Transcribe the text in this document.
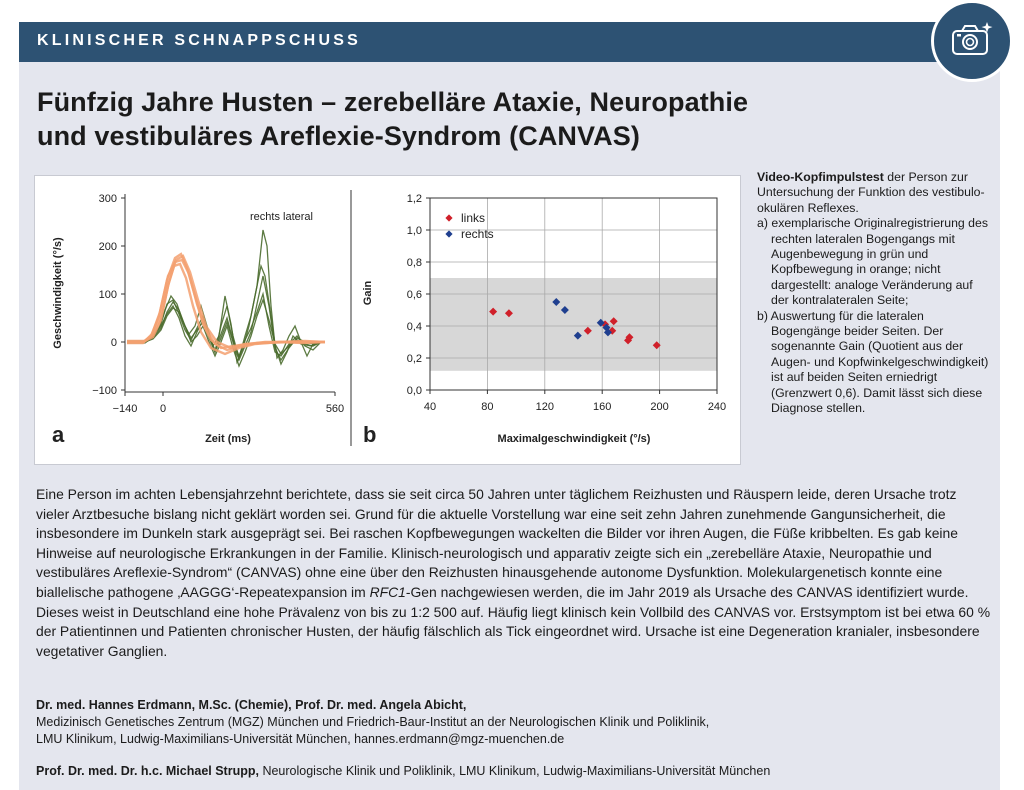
KLINISCHER SCHNAPPSCHUSS
Fünfzig Jahre Husten – zerebelläre Ataxie, Neuropathie
und vestibuläres Areflexie-Syndrom (CANVAS)
300
200
100
0
−100
−140 0	560
rechts lateral
Geschwindigkeit (°/s)
Zeit (ms)
a
0,0
0,2
0,4
0,6
0,8
1,0
1,2
40	80	120	160	200	240
links
rechts
Gain
Maximalgeschwindigkeit (°/s)
b

Video-Kopfimpulstest der Person zur Untersuchung der Funktion des vestibulo-okulären Reflexes.

a) exemplarische Originalregistrierung des rechten lateralen Bogengangs mit Augenbewegung in grün und Kopfbewegung in orange; nicht dargestellt: analoge Veränderung auf der kontralateralen Seite;

b) Auswertung für die lateralen Bogengänge beider Seiten. Der sogenannte Gain (Quotient aus der Augen- und Kopfwinkelgeschwindigkeit) ist auf beiden Seiten erniedrigt (Grenzwert 0,6). Damit lässt sich diese Diagnose stellen.

Eine Person im achten Lebensjahrzehnt berichtete, dass sie seit circa 50 Jahren unter täglichem Reizhusten und Räuspern leide, deren Ursache trotz vieler Arztbesuche bislang nicht geklärt worden sei. Grund für die aktuelle Vorstellung war eine seit zehn Jahren zunehmende Gangunsicherheit, die insbesondere im Dunkeln stark ausgeprägt sei. Bei raschen Kopfbewegungen wackelten die Bilder vor ihren Augen, die Füße kribbelten. Es gab keine Hinweise auf neurologische Erkrankungen in der Familie. Klinisch-neurologisch und apparativ zeigte sich ein „zerebelläre Ataxie, Neuropathie und vestibuläres Areflexie-Syndrom“ (CANVAS) ohne eine über den Reizhusten hinausgehende autonome Dysfunktion. Molekulargenetisch konnte eine biallelische pathogene ‚AAGGG‘-Repeatexpansion im RFC1-Gen nachgewiesen werden, die im Jahr 2019 als Ursache des CANVAS identifiziert wurde. Dieses weist in Deutschland eine hohe Prävalenz von bis zu 1:2 500 auf. Häufig liegt klinisch kein Vollbild des CANVAS vor. Erstsymptom ist bei etwa 60 % der Patientinnen und Patienten chronischer Husten, der häufig fälschlich als Tick eingeordnet wird. Ursache ist eine Degeneration kranialer, insbesondere vegetativer Ganglien.

Dr. med. Hannes Erdmann, M.Sc. (Chemie), Prof. Dr. med. Angela Abicht,
Medizinisch Genetisches Zentrum (MGZ) München und Friedrich-Baur-Institut an der Neurologischen Klinik und Poliklinik,
LMU Klinikum, Ludwig-Maximilians-Universität München, hannes.erdmann@mgz-muenchen.de
Prof. Dr. med. Dr. h.c. Michael Strupp, Neurologische Klinik und Poliklinik, LMU Klinikum, Ludwig-Maximilians-Universität München
